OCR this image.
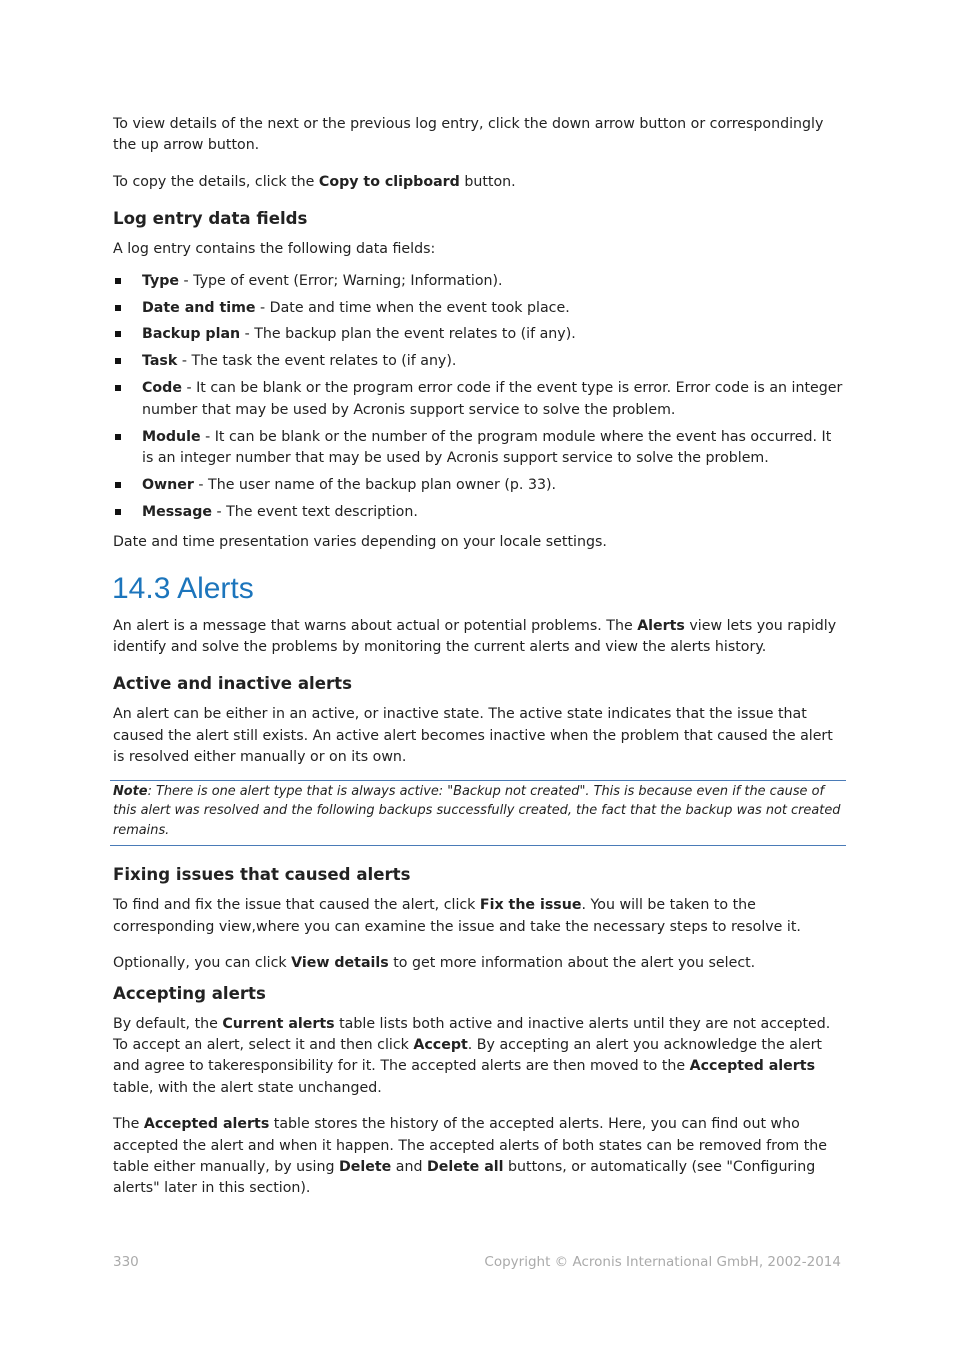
To view details of the next or the previous log entry, click the down arrow button or correspondingly the up arrow button.

To copy the details, click the Copy to clipboard button.

Log entry data fields

A log entry contains the following data fields:

Type - Type of event (Error; Warning; Information).
Date and time - Date and time when the event took place.
Backup plan - The backup plan the event relates to (if any).
Task - The task the event relates to (if any).
Code - It can be blank or the program error code if the event type is error. Error code is an integer number that may be used by Acronis support service to solve the problem.
Module - It can be blank or the number of the program module where the event has occurred. It is an integer number that may be used by Acronis support service to solve the problem.
Owner - The user name of the backup plan owner (p. 33).
Message - The event text description.

Date and time presentation varies depending on your locale settings.

14.3 Alerts

An alert is a message that warns about actual or potential problems. The Alerts view lets you rapidly identify and solve the problems by monitoring the current alerts and view the alerts history.

Active and inactive alerts

An alert can be either in an active, or inactive state. The active state indicates that the issue that caused the alert still exists. An active alert becomes inactive when the problem that caused the alert is resolved either manually or on its own.

Note: There is one alert type that is always active: "Backup not created". This is because even if the cause of this alert was resolved and the following backups successfully created, the fact that the backup was not created remains.
Fixing issues that caused alerts

To find and fix the issue that caused the alert, click Fix the issue. You will be taken to the corresponding view,where you can examine the issue and take the necessary steps to resolve it.

Optionally, you can click View details to get more information about the alert you select.

Accepting alerts

By default, the Current alerts table lists both active and inactive alerts until they are not accepted. To accept an alert, select it and then click Accept. By accepting an alert you acknowledge the alert and agree to takeresponsibility for it. The accepted alerts are then moved to the Accepted alerts table, with the alert state unchanged.

The Accepted alerts table stores the history of the accepted alerts. Here, you can find out who accepted the alert and when it happen. The accepted alerts of both states can be removed from the table either manually, by using Delete and Delete all buttons, or automatically (see "Configuring alerts" later in this section).

330	Copyright © Acronis International GmbH, 2002-2014
